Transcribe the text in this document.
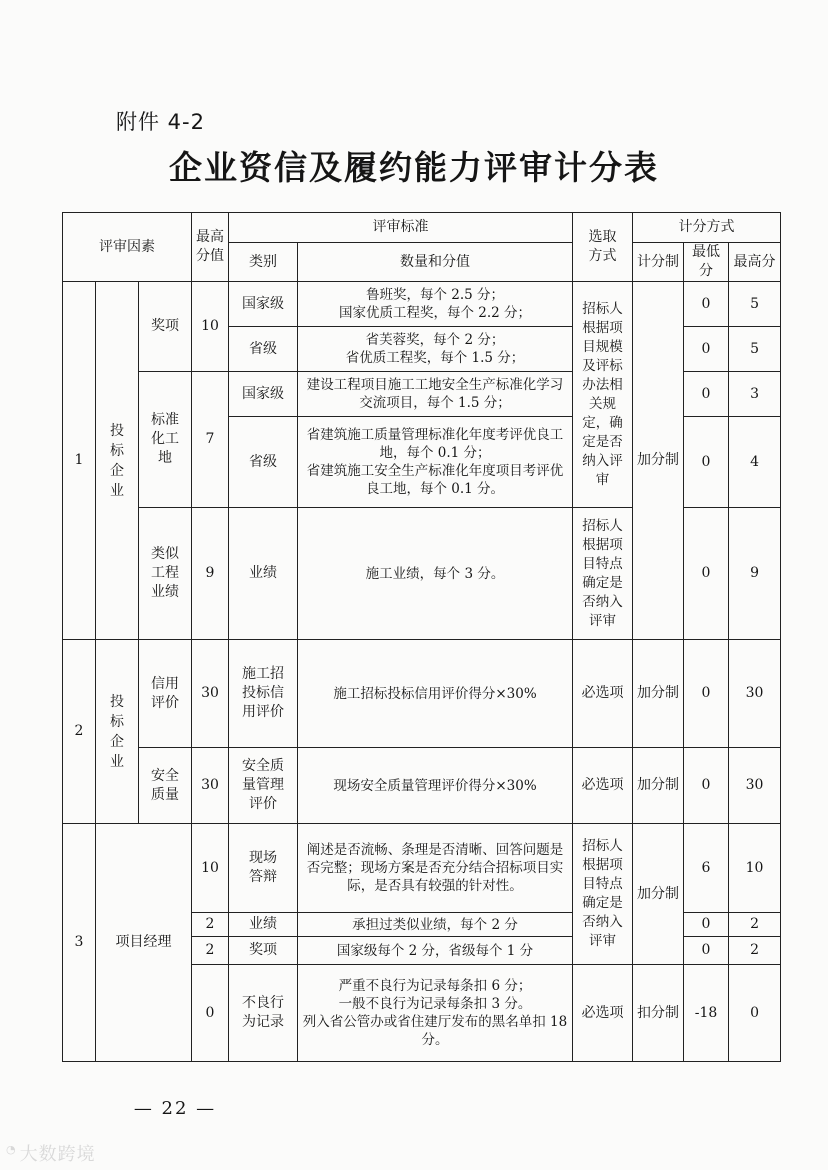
附件 4-2
企业资信及履约能力评审计分表
评审因素			最高分值	评审标准		选取方式	计分方式		
				类别	数量和分值		计分制	最低分	最高分
1	投标企业	奖项	10	国家级	鲁班奖，每个 2.5 分；
国家优质工程奖，每个 2.2 分；	招标人根据项目规模及评标办法相关规定，确定是否纳入评审	加分制	0	5
				省级	省芙蓉奖，每个 2 分；
省优质工程奖，每个 1.5 分；			0	5
		标准化工地	7	国家级	建设工程项目施工工地安全生产标准化学习交流项目，每个 1.5 分；			0	3
				省级	省建筑施工质量管理标准化年度考评优良工地，每个 0.1 分；
省建筑施工安全生产标准化年度项目考评优良工地，每个 0.1 分。			0	4
		类似工程业绩	9	业绩	施工业绩，每个 3 分。	招标人根据项目特点确定是否纳入评审		0	9
2	投标企业	信用评价	30	施工招投标信用评价	施工招标投标信用评价得分×30%	必选项	加分制	0	30
		安全质量	30	安全质量管理评价	现场安全质量管理评价得分×30%	必选项	加分制	0	30
3	项目经理		10	现场答辩	阐述是否流畅、条理是否清晰、回答问题是否完整；现场方案是否充分结合招标项目实际，是否具有较强的针对性。	招标人根据项目特点确定是否纳入评审	加分制	6	10
			2	业绩	承担过类似业绩，每个 2 分			0	2
			2	奖项	国家级每个 2 分，省级每个 1 分			0	2
			0	不良行为记录	严重不良行为记录每条扣 6 分；
一般不良行为记录每条扣 3 分。
列入省公管办或省住建厅发布的黑名单扣 18 分。	必选项	扣分制	-18	0
— 22 —
◔ 大数跨境
